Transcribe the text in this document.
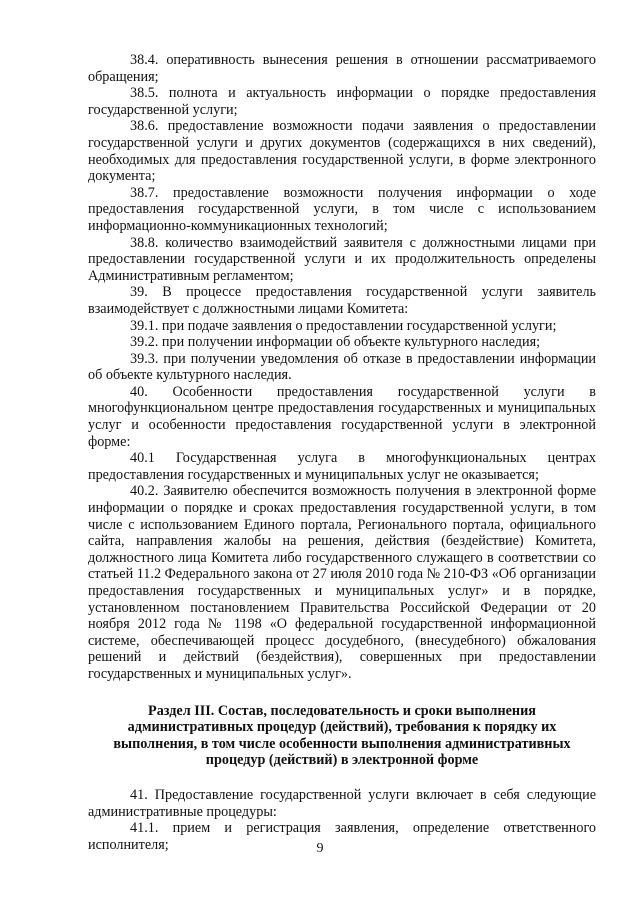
38.4. оперативность вынесения решения в отношении рассматриваемого обращения;

38.5. полнота и актуальность информации о порядке предоставления государственной услуги;

38.6. предоставление возможности подачи заявления о предоставлении государственной услуги и других документов (содержащихся в них сведений), необходимых для предоставления государственной услуги, в форме электронного документа;

38.7. предоставление возможности получения информации о ходе предоставления государственной услуги, в том числе с использованием информационно-коммуникационных технологий;

38.8. количество взаимодействий заявителя с должностными лицами при предоставлении государственной услуги и их продолжительность определены Административным регламентом;

39. В процессе предоставления государственной услуги заявитель взаимодействует с должностными лицами Комитета:

39.1. при подаче заявления о предоставлении государственной услуги;

39.2. при получении информации об объекте культурного наследия;

39.3. при получении уведомления об отказе в предоставлении информации об объекте культурного наследия.

40. Особенности предоставления государственной услуги в многофункциональном центре предоставления государственных и муниципальных услуг и особенности предоставления государственной услуги в электронной форме:

40.1 Государственная услуга в многофункциональных центрах предоставления государственных и муниципальных услуг не оказывается;

40.2. Заявителю обеспечится возможность получения в электронной форме информации о порядке и сроках предоставления государственной услуги, в том числе с использованием Единого портала, Регионального портала, официального сайта, направления жалобы на решения, действия (бездействие) Комитета, должностного лица Комитета либо государственного служащего в соответствии со статьей 11.2 Федерального закона от 27 июля 2010 года № 210-ФЗ «Об организации предоставления государственных и муниципальных услуг» и в порядке, установленном постановлением Правительства Российской Федерации от 20 ноября 2012 года № 1198 «О федеральной государственной информационной системе, обеспечивающей процесс досудебного, (внесудебного) обжалования решений и действий (бездействия), совершенных при предоставлении государственных и муниципальных услуг».

Раздел III. Состав, последовательность и сроки выполнения административных процедур (действий), требования к порядку их выполнения, в том числе особенности выполнения административных процедур (действий) в электронной форме

41. Предоставление государственной услуги включает в себя следующие административные процедуры:

41.1. прием и регистрация заявления, определение ответственного исполнителя;	9
